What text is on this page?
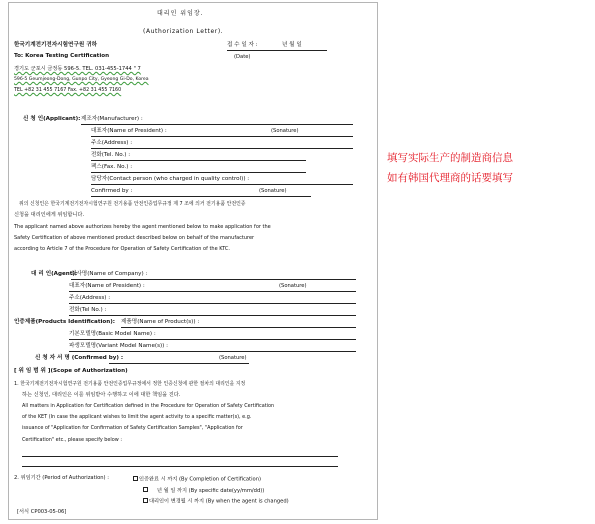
대리인 위임장.
(Authorization Letter).
한국기계전기전자시험연구원 귀하
To: Korea Testing Certification
경기도 군포시 금정동 596-5. TEL. 031-455-1744 " 7
596-5 Geumjeong-Dong, Gunpo City, Gyeong Gi-Do, Korea
TEL +82 31 455 7167 Fax. +82 31 455 7160
접 수 일 자 :	년 월 일
(Date)
신 청 인(Applicant): 제조자(Manufacturer) :
대표자(Name of President) :	(Sonature)
주소(Address) :
전화(Tel. No.) :
팩스(Fax. No.) :
담당자(Contact person (who charged in quality control)) :
Confirmed by :	(Sonature)
위의 신청인은 한국기계전기전자시험연구원 전기용품 안전인증업무규정 제 7 조에 의거 전기용품 안전인증
신청을 대리인에게 위임합니다.
The applicant named above authorizes hereby the agent mentioned below to make application for the
Safety Certification of above mentioned product described below on behalf of the manufacturer
according to Article 7 of the Procedure for Operation of Safety Certification of the KTC.
대 리 인(Agent):
회사명(Name of Company) :
대표자(Name of President) :	(Sonature)
주소(Address) :
전화(Tel No.) :
인증제품(Products Identification): 제품명(Name of Product(s)) :
기본모델명(Basic Model Name) :
파생모델명(Variant Model Name(s)) :
신 청 자 서 명 (Confirmed by) :	(Sonature)
[ 위 임 범 위 ](Scope of Authorization)
1. 한국기계전기전자시험연구원 전기용품 안전인증업무규정에서 정한 인증신청에 관한 절차의 대리인을 지정
하는 신청인, 대리인은 이를 위임받아 수행하고 이에 대한 책임을 진다.
All matters in Application for Certification defined in the Procedure for Operation of Safety Certification
of the KET (In case the applicant wishes to limit the agent activity to a specific matter(s), e.g.
issuance of "Application for Confirmation of Safety Certification Samples", "Application for
Certification" etc., please specify below :
2. 위임기간 (Period of Authorization) :	인증완료 시 까지 (By Completion of Certification)
년 월 일 까지 (By specific date(yy/mm/dd))
대리인이 변경될 시 까지 (By when the agent is changed)
[서식 CP003-05-06]
填写实际生产的制造商信息
如有韩国代理商的话要填写
